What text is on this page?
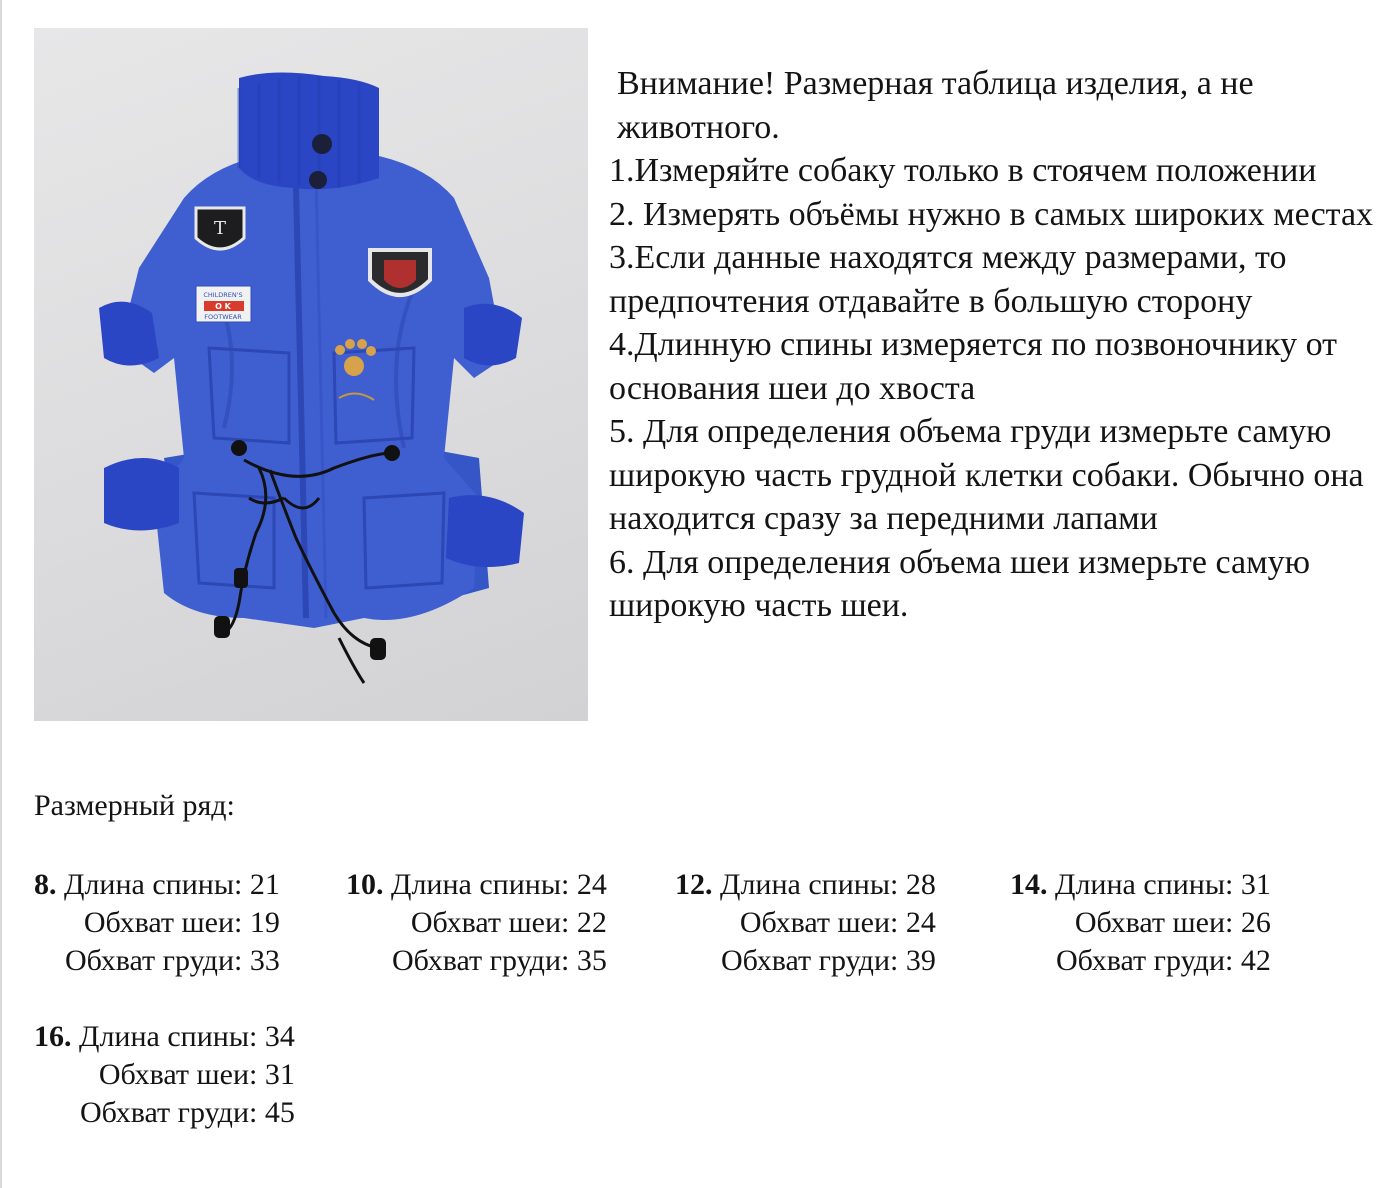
T
CHILDREN'S
O K
FOOTWEAR

Внимание! Размерная таблица изделия, а не животного.

1.Измеряйте собаку только в стоячем положении

2. Измерять объёмы нужно в самых широких местах

3.Если данные находятся между размерами, то предпочтения отдавайте в большую сторону

4.Длинную спины измеряется по позвоночнику от основания шеи до хвоста

5. Для определения объема груди измерьте самую широкую часть грудной клетки собаки. Обычно она находится сразу за передними лапами

6. Для определения объема шеи измерьте самую широкую часть шеи.

Размерный ряд:
8. Длина спины: 21
Обхват шеи: 19
Обхват груди: 33
10. Длина спины: 24
Обхват шеи: 22
Обхват груди: 35
12. Длина спины: 28
Обхват шеи: 24
Обхват груди: 39
14. Длина спины: 31
Обхват шеи: 26
Обхват груди: 42
16. Длина спины: 34
Обхват шеи: 31
Обхват груди: 45
